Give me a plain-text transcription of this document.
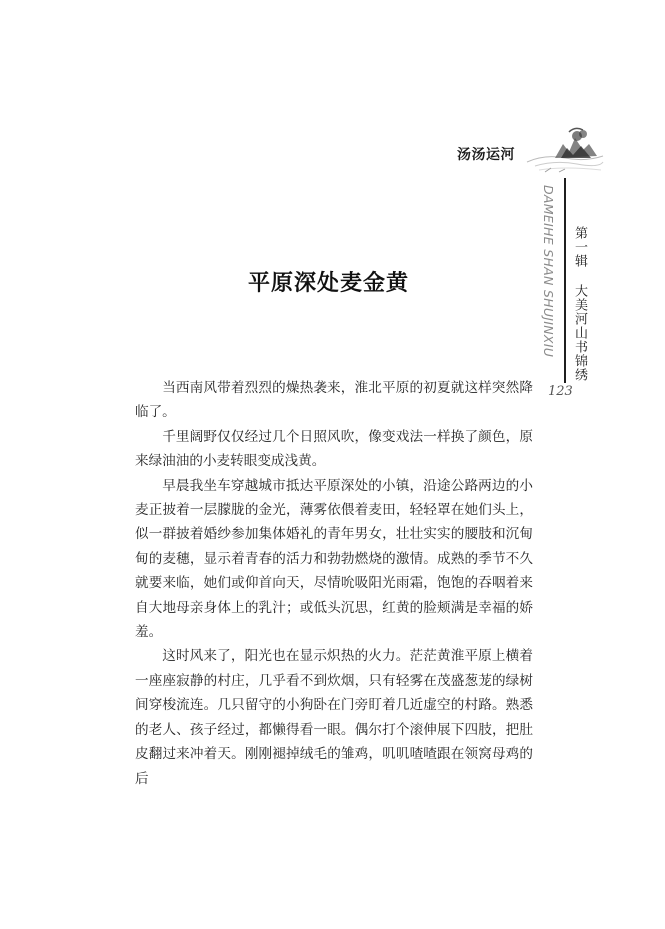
汤汤运河
DAMEIHE SHAN SHUJINXIU 第一辑大美河山书锦绣
123
平原深处麦金黄

当西南风带着烈烈的燥热袭来，淮北平原的初夏就这样突然降临了。

千里阔野仅仅经过几个日照风吹，像变戏法一样换了颜色，原来绿油油的小麦转眼变成浅黄。

早晨我坐车穿越城市抵达平原深处的小镇，沿途公路两边的小麦正披着一层朦胧的金光，薄雾依偎着麦田，轻轻罩在她们头上，似一群披着婚纱参加集体婚礼的青年男女，壮壮实实的腰肢和沉甸甸的麦穗，显示着青春的活力和勃勃燃烧的激情。成熟的季节不久就要来临，她们或仰首向天，尽情吮吸阳光雨霜，饱饱的吞咽着来自大地母亲身体上的乳汁；或低头沉思，红黄的脸颊满是幸福的娇羞。

这时风来了，阳光也在显示炽热的火力。茫茫黄淮平原上横着一座座寂静的村庄，几乎看不到炊烟，只有轻雾在茂盛葱茏的绿树间穿梭流连。几只留守的小狗卧在门旁盯着几近虚空的村路。熟悉的老人、孩子经过，都懒得看一眼。偶尔打个滚伸展下四肢，把肚皮翻过来冲着天。刚刚褪掉绒毛的雏鸡，叽叽喳喳跟在领窝母鸡的后
